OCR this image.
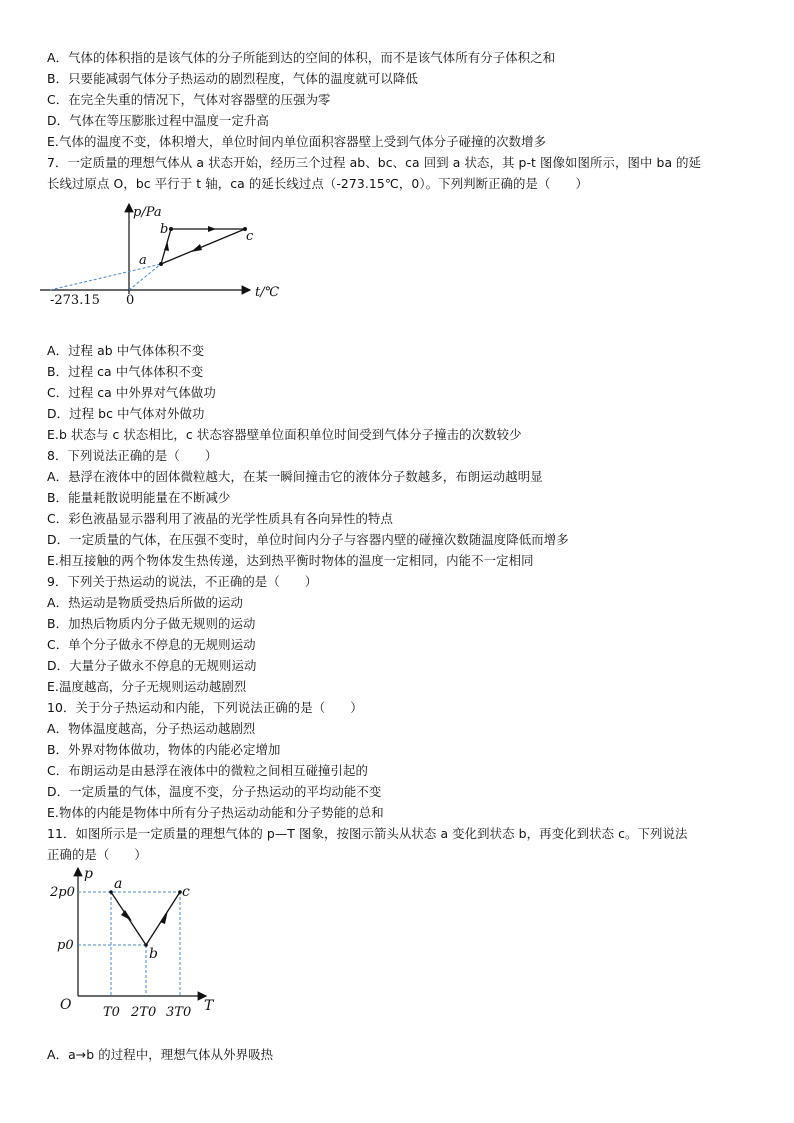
A．气体的体积指的是该气体的分子所能到达的空间的体积，而不是该气体所有分子体积之和
B．只要能减弱气体分子热运动的剧烈程度，气体的温度就可以降低
C．在完全失重的情况下，气体对容器壁的压强为零
D．气体在等压膨胀过程中温度一定升高
E.气体的温度不变，体积增大，单位时间内单位面积容器壁上受到气体分子碰撞的次数增多
7．一定质量的理想气体从 a 状态开始，经历三个过程 ab、bc、ca 回到 a 状态，其 p-t 图像如图所示，图中 ba 的延
长线过原点 O，bc 平行于 t 轴，ca 的延长线过点（-273.15℃，0）。下列判断正确的是（　　）
p/Pa
t/℃
0
-273.15
a
b	c
A．过程 ab 中气体体积不变
B．过程 ca 中气体体积不变
C．过程 ca 中外界对气体做功
D．过程 bc 中气体对外做功
E.b 状态与 c 状态相比，c 状态容器壁单位面积单位时间受到气体分子撞击的次数较少
8．下列说法正确的是（　　）
A．悬浮在液体中的固体微粒越大，在某一瞬间撞击它的液体分子数越多，布朗运动越明显
B．能量耗散说明能量在不断减少
C．彩色液晶显示器利用了液晶的光学性质具有各向异性的特点
D．一定质量的气体，在压强不变时，单位时间内分子与容器内壁的碰撞次数随温度降低而增多
E.相互接触的两个物体发生热传递，达到热平衡时物体的温度一定相同，内能不一定相同
9．下列关于热运动的说法，不正确的是（　　）
A．热运动是物质受热后所做的运动
B．加热后物质内分子做无规则的运动
C．单个分子做永不停息的无规则运动
D．大量分子做永不停息的无规则运动
E.温度越高，分子无规则运动越剧烈
10．关于分子热运动和内能，下列说法正确的是（　　）
A．物体温度越高，分子热运动越剧烈
B．外界对物体做功，物体的内能必定增加
C．布朗运动是由悬浮在液体中的微粒之间相互碰撞引起的
D．一定质量的气体，温度不变，分子热运动的平均动能不变
E.物体的内能是物体中所有分子热运动动能和分子势能的总和
11．如图所示是一定质量的理想气体的 p—T 图象，按图示箭头从状态 a 变化到状态 b，再变化到状态 c。下列说法
正确的是（　　）
p
T
O
2p0
p0
T0 2T0 3T0
a
b
c
A．a→b 的过程中，理想气体从外界吸热
